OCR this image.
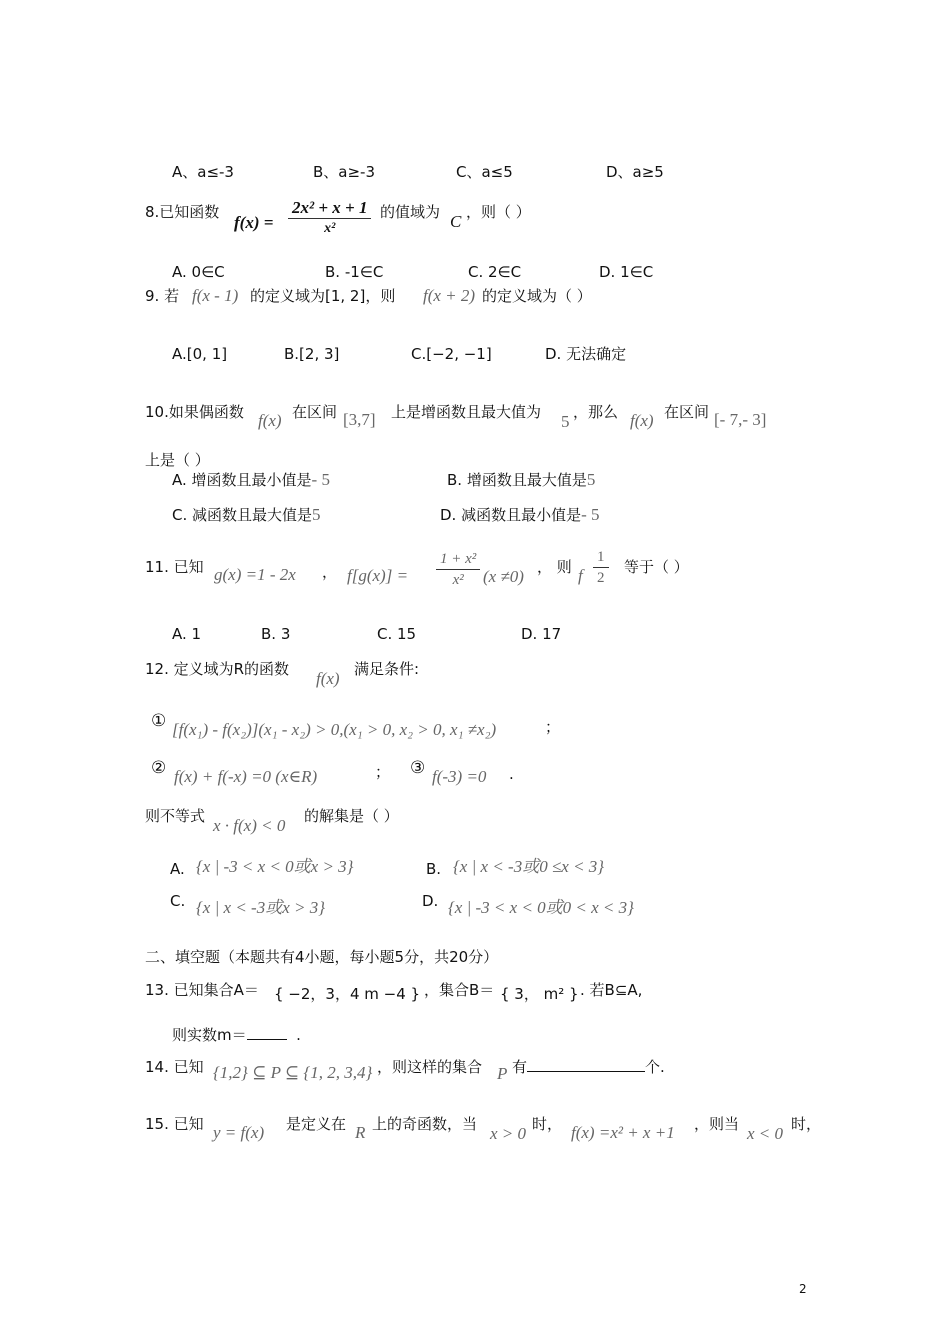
A、a≤-3	B、a≥-3	C、a≤5	D、a≥5
8.已知函数
$f(x) = \frac{\text{2x² + x + 1}}{\text{x²}}$ 的值域为 C ，则（ ）
A. 0∈C	B. -1∈C	C. 2∈C	D. 1∈C
9. 若 f(x - 1) 的定义域为[1, 2]，则 f(x + 2) 的定义域为（ ）
A.[0, 1]	B.[2, 3]	C.[−2, −1]	D. 无法确定
10.如果偶函数 f(x) 在区间 [3,7] 上是增函数且最大值为 5 ，那么 f(x) 在区间 [- 7,- 3]
上是（ ）
A. 增函数且最小值是- 5	B. 增函数且最大值是5
C. 减函数且最大值是5	D. 减函数且最小值是- 5
11. 已知 g(x) =1 - 2x ， $f[g(x)] = \frac{\text{1 + x²}}{\text{x²}} (x \ne 0)$ ， 则 f $\frac{1}{2}$ 等于（ ）
A. 1	B. 3	C. 15	D. 17
12. 定义域为R的函数 f(x) 满足条件:
① [f(x₁) - f(x₂)](x₁ - x₂) > 0,(x₁ > 0, x₂ > 0, x₁ ≠x₂)	；
② f(x) + f(-x) =0 (x∈R)	； ③ f(-3) =0 .
则不等式 x · f(x) < 0 的解集是（ ）
A. {x | -3 < x < 0或x > 3}	B. {x | x < -3或0 ≤x < 3}
C. {x | x < -3或x > 3}	D. {x | -3 < x < 0或0 < x < 3}
二、填空题（本题共有4小题，每小题5分，共20分）
13. 已知集合A＝ { −2，3，4 m −4 } ，集合B＝ { 3， m² } . 若B⊆A,
则实数m＝	.
14. 已知 {1,2} ⊆ P ⊆ {1, 2, 3,4} ，则这样的集合 P 有	个.
15. 已知 y = f(x) 是定义在 R 上的奇函数，当 x > 0 时， f(x) =x² + x +1 ，则当 x < 0 时，
2
